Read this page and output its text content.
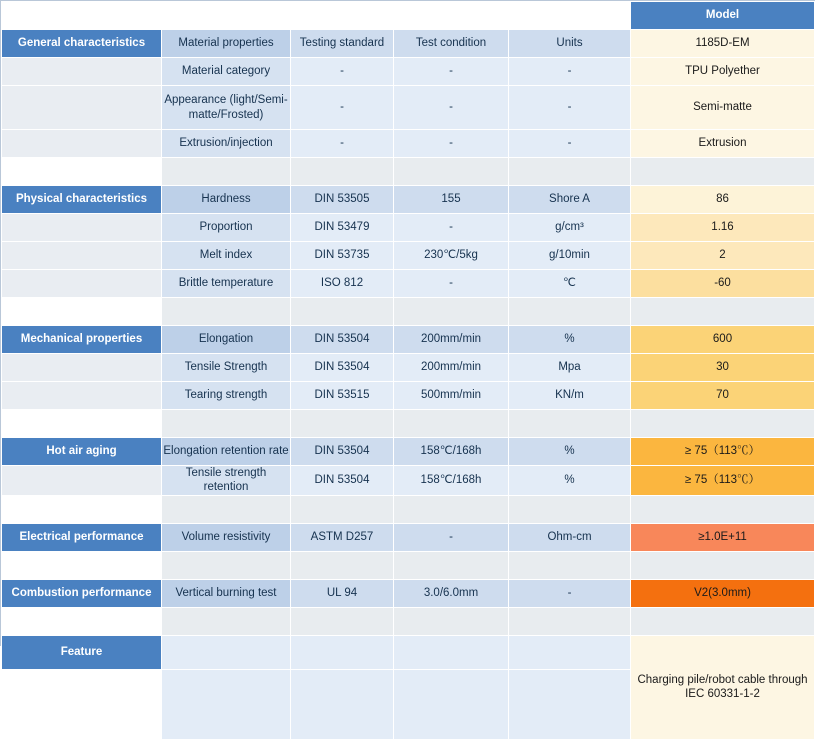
					Model
General characteristics	Material properties	Testing standard	Test condition	Units	1185D-EM
	Material category	-	-	-	TPU Polyether
	Appearance (light/Semi-matte/Frosted)	-	-	-	Semi-matte
	Extrusion/injection	-	-	-	Extrusion

Physical characteristics	Hardness	DIN 53505	155	Shore A	86
	Proportion	DIN 53479	-	g/cm³	1.16
	Melt index	DIN 53735	230℃/5kg	g/10min	2
	Brittle temperature	ISO 812	-	℃	-60

Mechanical properties	Elongation	DIN 53504	200mm/min	%	600
	Tensile Strength	DIN 53504	200mm/min	Mpa	30
	Tearing strength	DIN 53515	500mm/min	KN/m	70

Hot air aging	Elongation retention rate	DIN 53504	158℃/168h	%	≥ 75（113℃）
	Tensile strength retention	DIN 53504	158℃/168h	%	≥ 75（113℃）

Electrical performance	Volume resistivity	ASTM D257	-	Ohm-cm	≥1.0E+11

Combustion performance	Vertical burning test	UL 94	3.0/6.0mm	-	V2(3.0mm)

Feature					Charging pile/robot cable through IEC 60331-1-2
